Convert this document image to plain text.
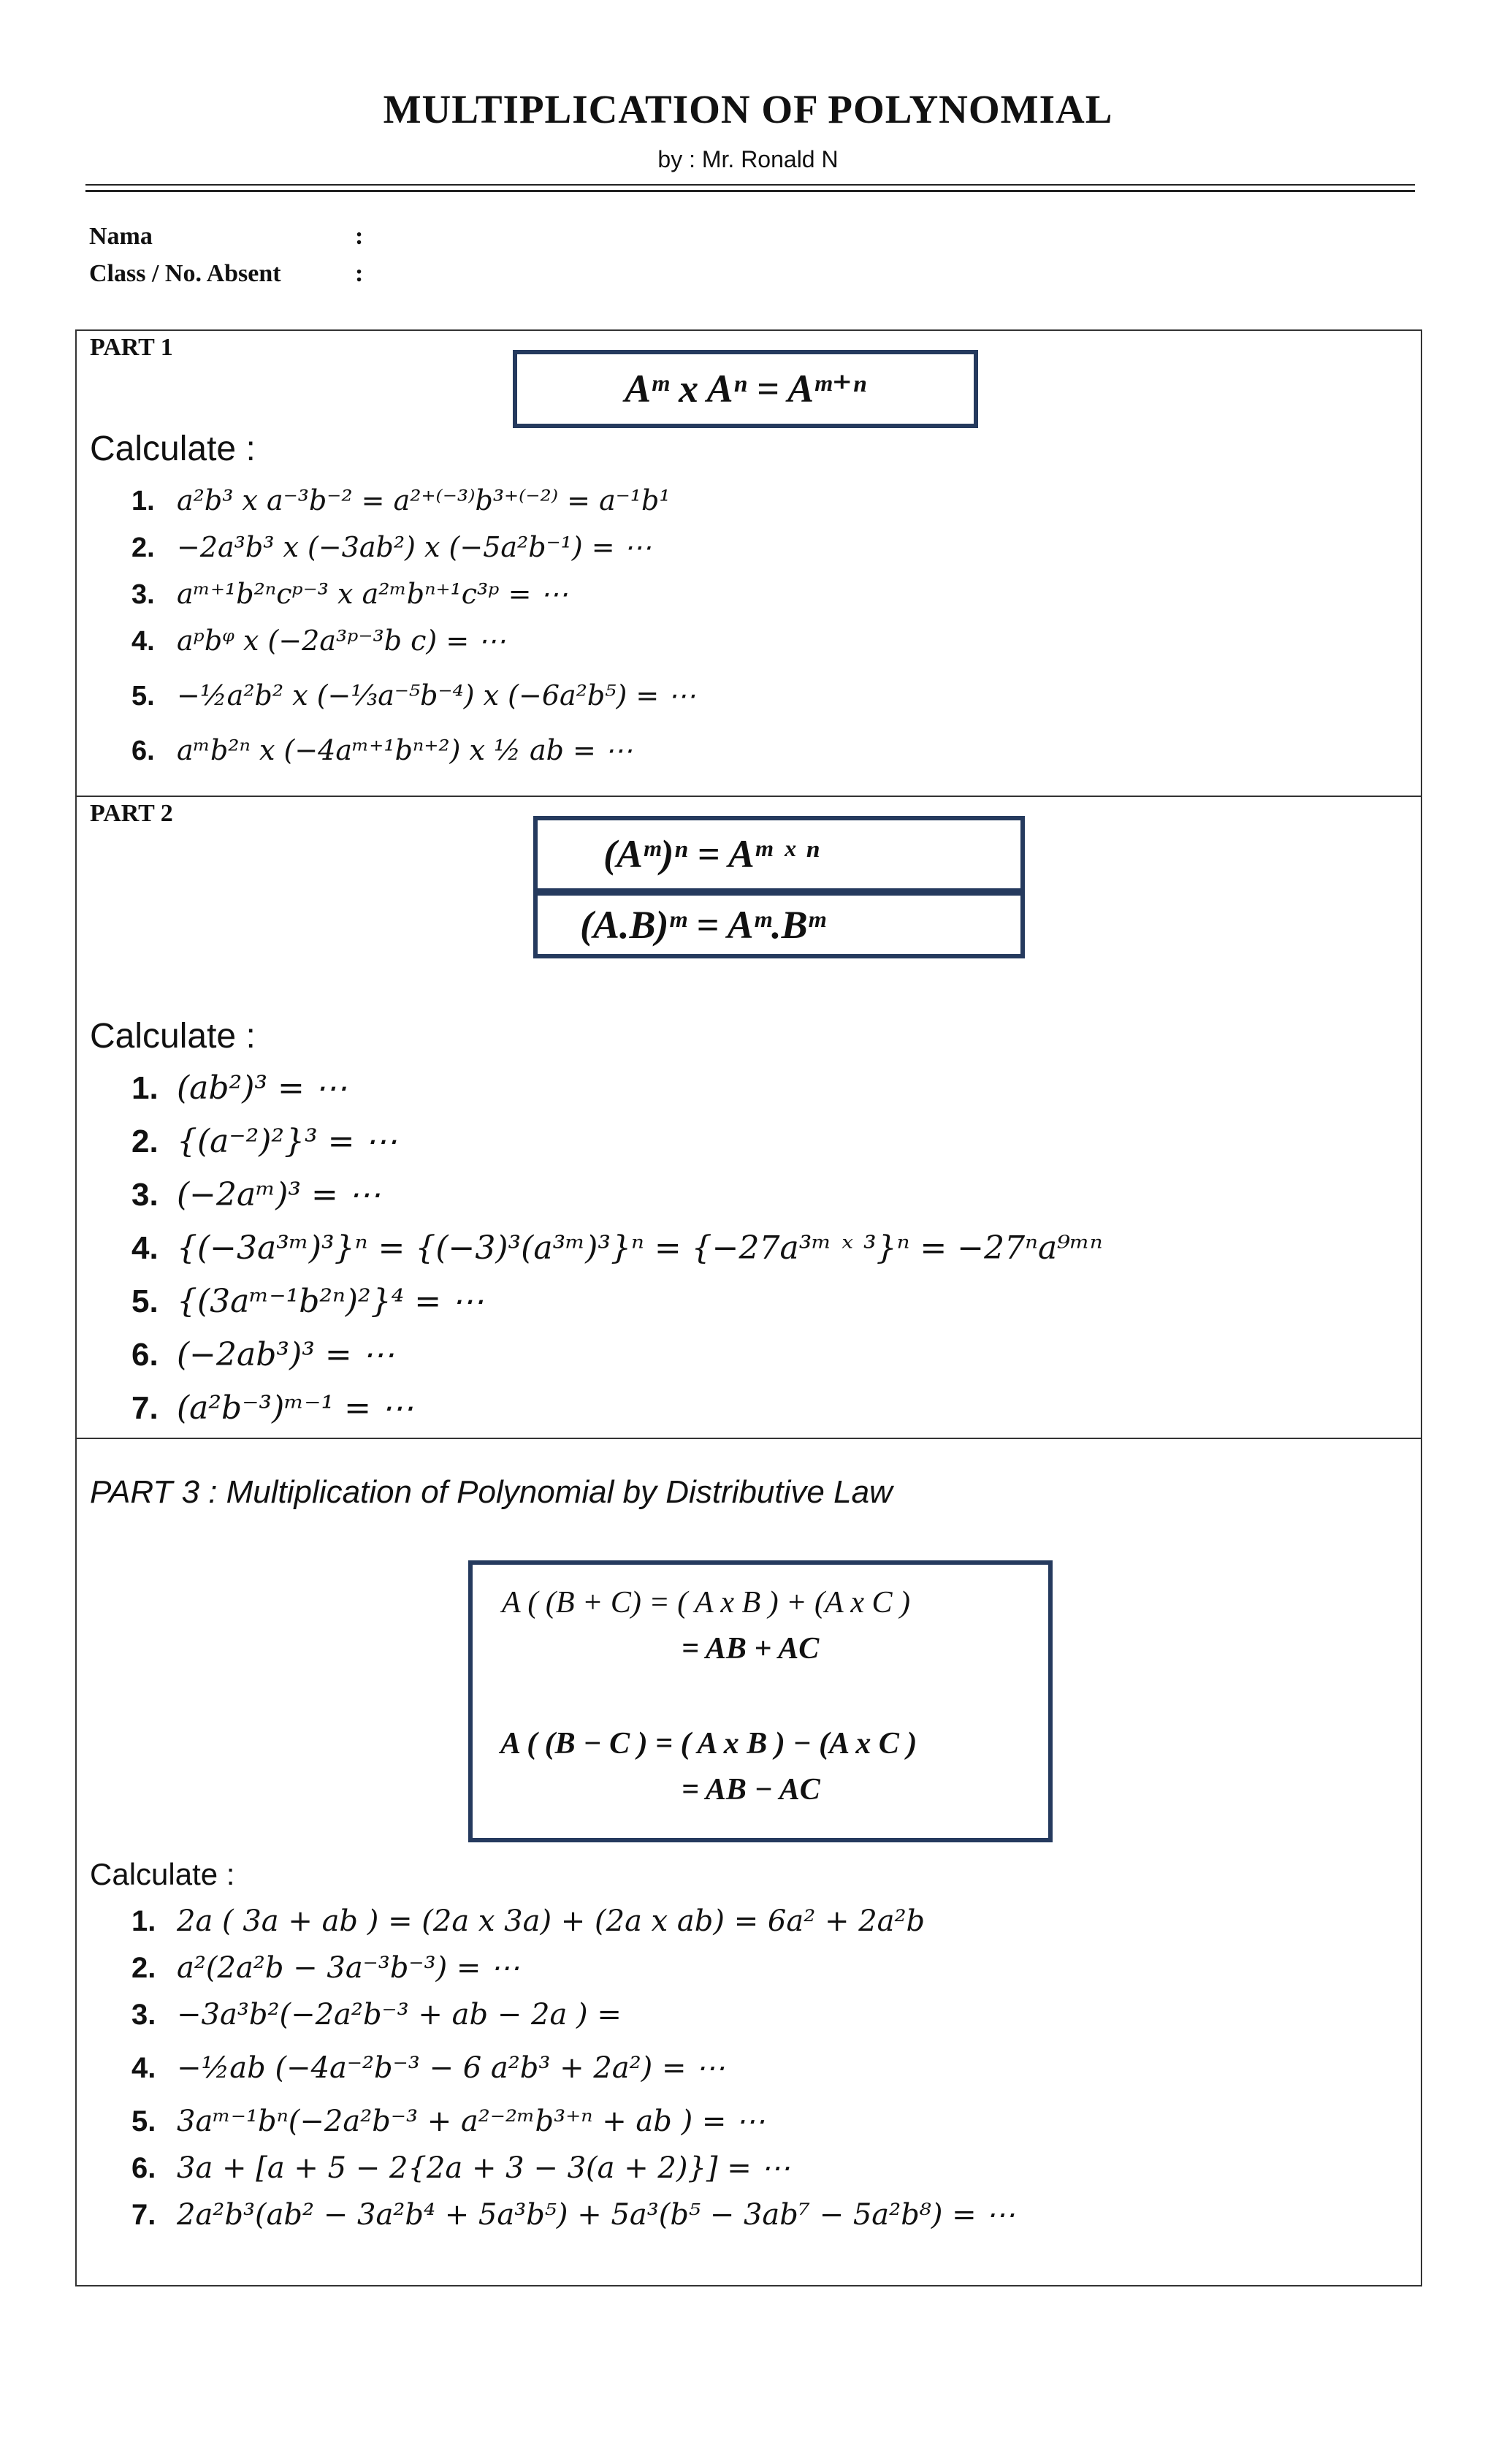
MULTIPLICATION OF POLYNOMIAL
by : Mr. Ronald N
Nama	:
Class / No. Absent	:
PART 1
Aᵐ x Aⁿ = Aᵐ⁺ⁿ
Calculate :
1. a²b³ x a⁻³b⁻² = a²⁺⁽⁻³⁾b³⁺⁽⁻²⁾ = a⁻¹b¹
2. −2a³b³ x (−3ab²) x (−5a²b⁻¹) = ⋯
3. aᵐ⁺¹b²ⁿcᵖ⁻³ x a²ᵐbⁿ⁺¹c³ᵖ = ⋯
4. aᵖbᵠ x (−2a³ᵖ⁻³b c) = ⋯
5. −½a²b² x (−⅓a⁻⁵b⁻⁴) x (−6a²b⁵) = ⋯
6. aᵐb²ⁿ x (−4aᵐ⁺¹bⁿ⁺²) x ½ ab = ⋯
PART 2
(Aᵐ)ⁿ = Aᵐ ˣ ⁿ
(A.B)ᵐ = Aᵐ.Bᵐ
Calculate :
1. (ab²)³ = ⋯
2. {(a⁻²)²}³ = ⋯
3. (−2aᵐ)³ = ⋯
4. {(−3a³ᵐ)³}ⁿ = {(−3)³(a³ᵐ)³}ⁿ = {−27a³ᵐ ˣ ³}ⁿ = −27ⁿa⁹ᵐⁿ
5. {(3aᵐ⁻¹b²ⁿ)²}⁴ = ⋯
6. (−2ab³)³ = ⋯
7. (a²b⁻³)ᵐ⁻¹ = ⋯
PART 3 : Multiplication of Polynomial by Distributive Law
A ( (B + C) = ( A x B ) + (A x C )
= AB + AC
A ( (B − C ) = ( A x B ) − (A x C )
= AB − AC
Calculate :
1. 2a ( 3a + ab ) = (2a x 3a) + (2a x ab) = 6a² + 2a²b
2. a²(2a²b − 3a⁻³b⁻³) = ⋯
3. −3a³b²(−2a²b⁻³ + ab − 2a ) =
4. −½ab (−4a⁻²b⁻³ − 6 a²b³ + 2a²) = ⋯
5. 3aᵐ⁻¹bⁿ(−2a²b⁻³ + a²⁻²ᵐb³⁺ⁿ + ab ) = ⋯
6. 3a + [a + 5 − 2{2a + 3 − 3(a + 2)}] = ⋯
7. 2a²b³(ab² − 3a²b⁴ + 5a³b⁵) + 5a³(b⁵ − 3ab⁷ − 5a²b⁸) = ⋯
